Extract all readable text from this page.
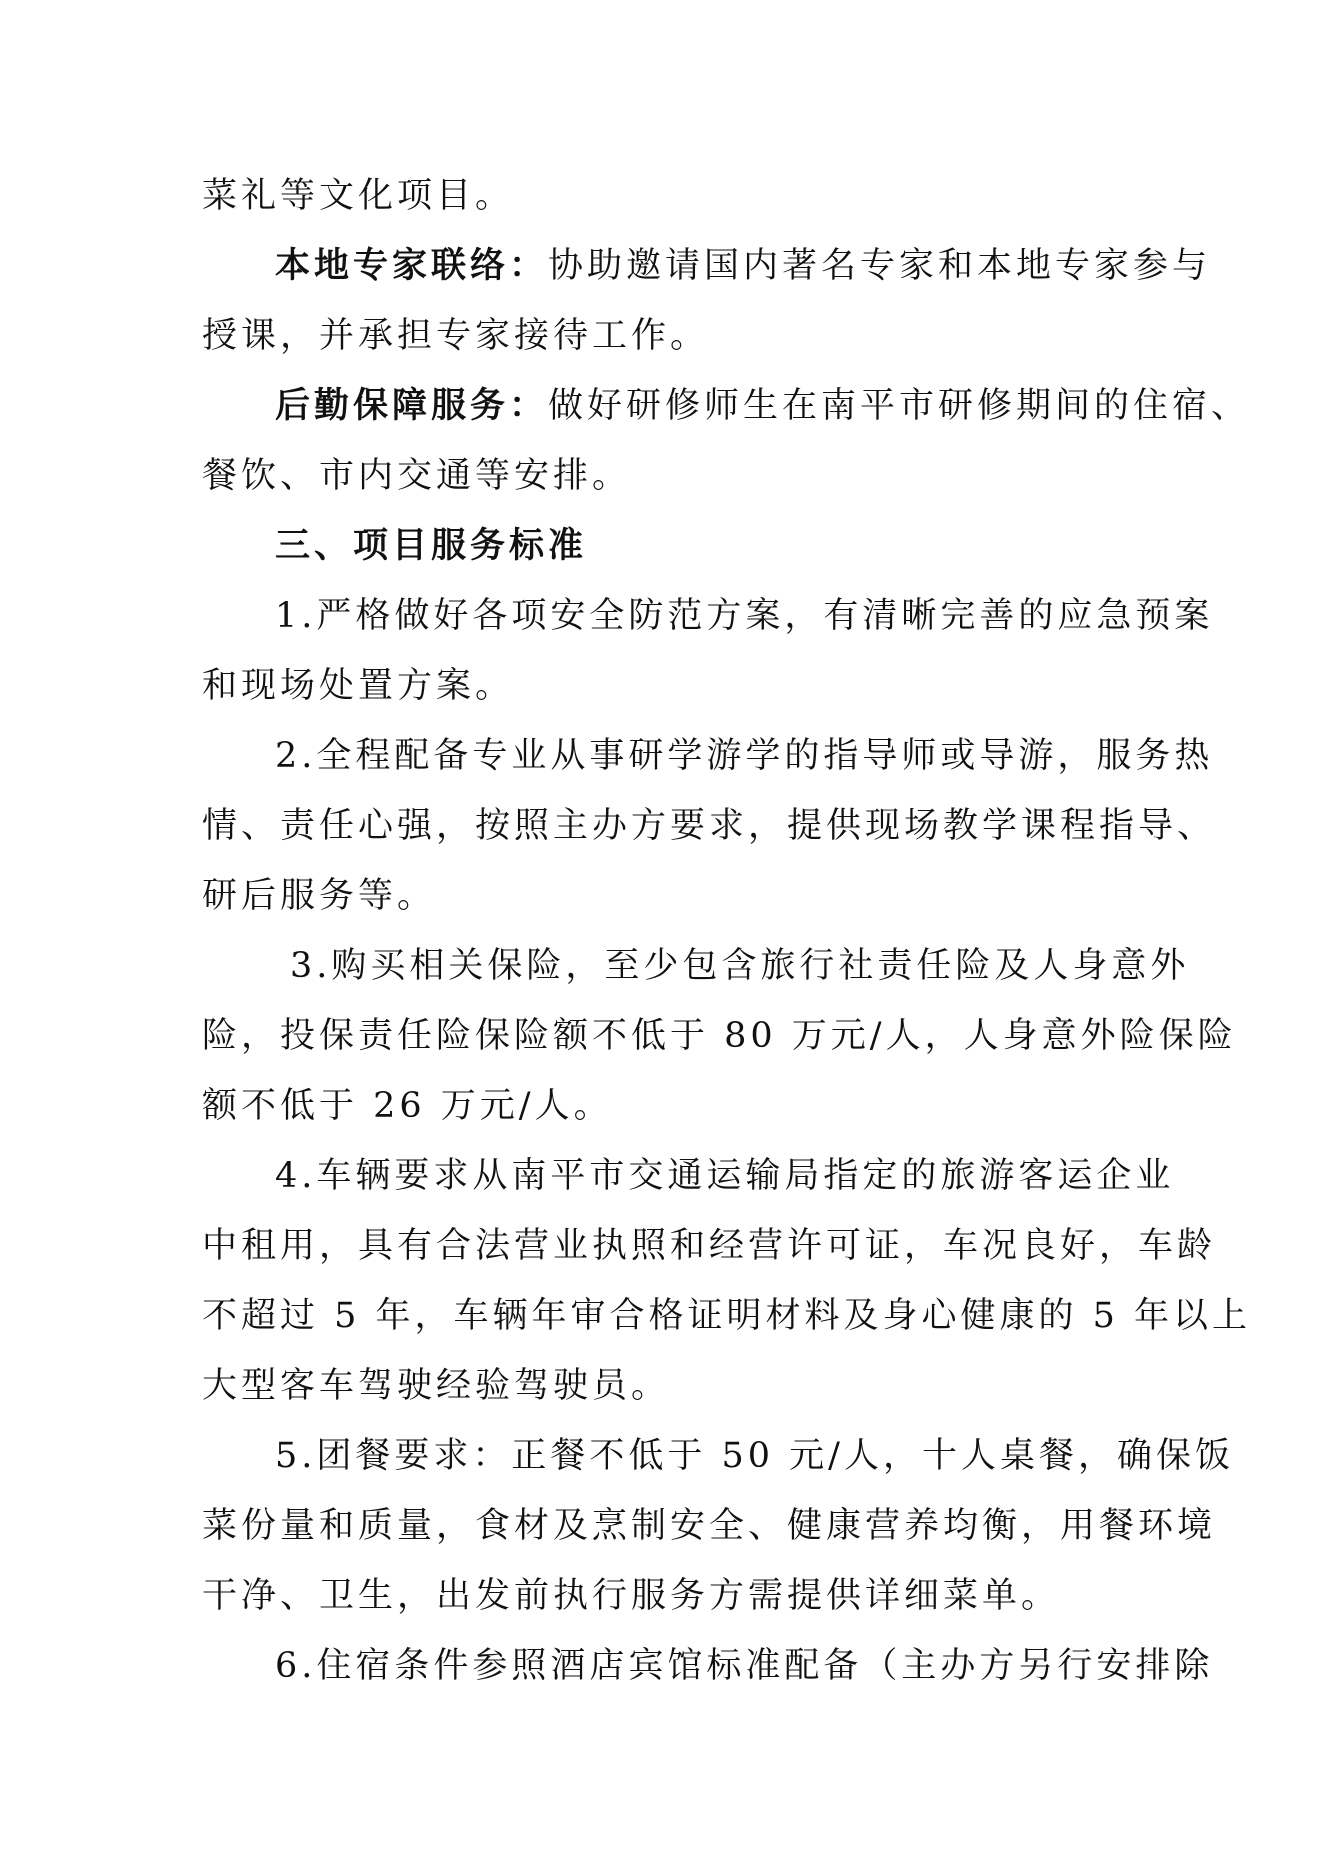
菜礼等文化项目。
本地专家联络：协助邀请国内著名专家和本地专家参与
授课，并承担专家接待工作。
后勤保障服务：做好研修师生在南平市研修期间的住宿、
餐饮、市内交通等安排。
三、项目服务标准
1.严格做好各项安全防范方案，有清晰完善的应急预案
和现场处置方案。
2.全程配备专业从事研学游学的指导师或导游，服务热
情、责任心强，按照主办方要求，提供现场教学课程指导、
研后服务等。
3.购买相关保险，至少包含旅行社责任险及人身意外
险，投保责任险保险额不低于 80 万元/人，人身意外险保险
额不低于 26 万元/人。
4.车辆要求从南平市交通运输局指定的旅游客运企业
中租用，具有合法营业执照和经营许可证，车况良好，车龄
不超过 5 年，车辆年审合格证明材料及身心健康的 5 年以上
大型客车驾驶经验驾驶员。
5.团餐要求：正餐不低于 50 元/人，十人桌餐，确保饭
菜份量和质量，食材及烹制安全、健康营养均衡，用餐环境
干净、卫生，出发前执行服务方需提供详细菜单。
6.住宿条件参照酒店宾馆标准配备（主办方另行安排除
